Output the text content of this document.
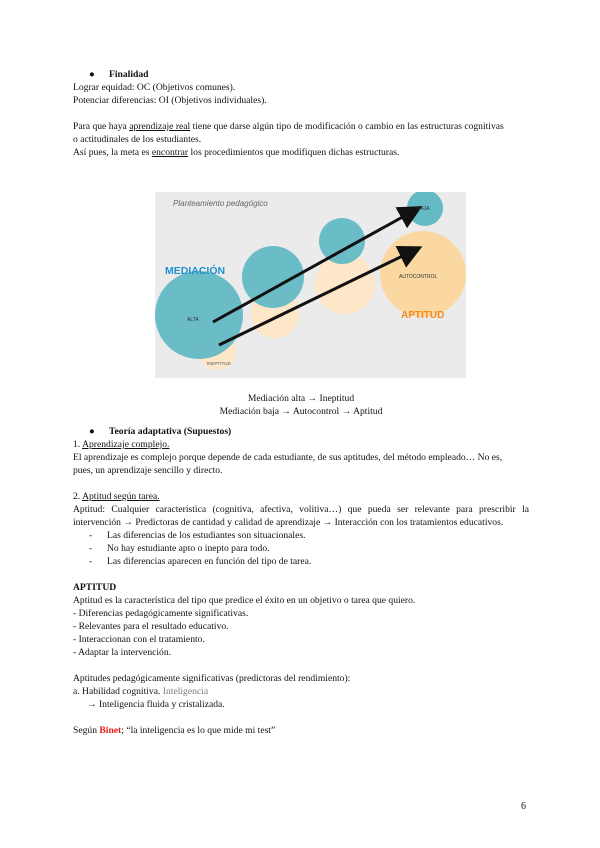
● Finalidad
Lograr equidad: OC (Objetivos comunes).
Potenciar diferencias: OI (Objetivos individuales).
Para que haya aprendizaje real tiene que darse algún tipo de modificación o cambio en las estructuras cognitivas
o actitudinales de los estudiantes.
Así pues, la meta es encontrar los procedimientos que modifiquen dichas estructuras.
Planteamiento pedagógico
MEDIACIÓN
APTITUD
ALTA
BAJA
AUTOCONTROL
INEPTITUD
Mediación alta → Ineptitud
Mediación baja → Autocontrol → Aptitud
● Teoría adaptativa (Supuestos)
1. Aprendizaje complejo.
El aprendizaje es complejo porque depende de cada estudiante, de sus aptitudes, del método empleado… No es,
pues, un aprendizaje sencillo y directo.
2. Aptitud según tarea.
Aptitud: Cualquier característica (cognitiva, afectiva, volitiva…) que pueda ser relevante para prescribir la intervención → Predictoras de cantidad y calidad de aprendizaje → Interacción con los tratamientos educativos.
- Las diferencias de los estudiantes son situacionales.
- No hay estudiante apto o inepto para todo.
- Las diferencias aparecen en función del tipo de tarea.
APTITUD
Aptitud es la característica del tipo que predice el éxito en un objetivo o tarea que quiero.
- Diferencias pedagógicamente significativas.
- Relevantes para el resultado educativo.
- Interaccionan con el tratamiento.
- Adaptar la intervención.
Aptitudes pedagógicamente significativas (predictoras del rendimiento):
a. Habilidad cognitiva. Inteligencia
→ Inteligencia fluida y cristalizada.
Según Binet; “la inteligencia es lo que mide mi test”
6
